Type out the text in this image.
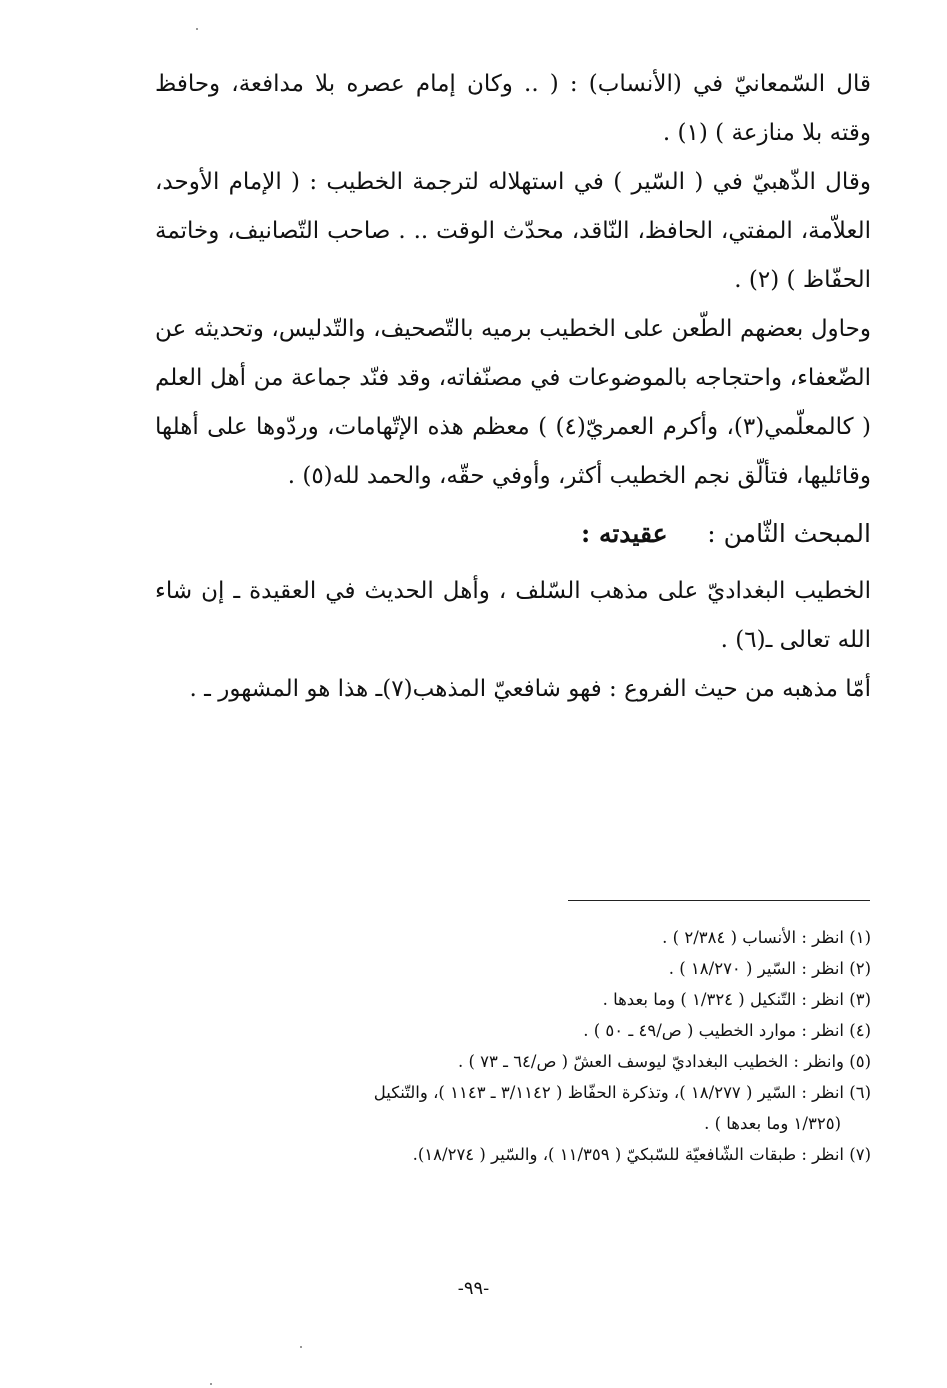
قال السّمعانيّ في (الأنساب) : ( .. وكان إمام عصره بلا مدافعة، وحافظ وقته بلا منازعة ) (١) .

وقال الذّهبيّ في ( السّير ) في استهلاله لترجمة الخطيب : ( الإمام الأوحد، العلاّمة، المفتي، الحافظ، النّاقد، محدّث الوقت .. . صاحب التّصانيف، وخاتمة الحفّاظ ) (٢) .

وحاول بعضهم الطّعن على الخطيب برميه بالتّصحيف، والتّدليس، وتحديثه عن الضّعفاء، واحتجاجه بالموضوعات في مصنّفاته، وقد فنّد جماعة من أهل العلم ( كالمعلّمي(٣)، وأكرم العمريّ(٤) ) معظم هذه الإتّهامات، وردّوها على أهلها وقائليها، فتألّق نجم الخطيب أكثر، وأوفي حقّه، والحمد لله(٥) .

المبحث الثّامن :     عقيدته :

الخطيب البغداديّ على مذهب السّلف ، وأهل الحديث في العقيدة ـ إن شاء الله تعالى ـ(٦) .

أمّا مذهبه من حيث الفروع : فهو شافعيّ المذهب(٧)ـ هذا هو المشهور ـ .

(١) انظر : الأنساب ( ٢/٣٨٤ ) .

(٢) انظر : السّير ( ١٨/٢٧٠ ) .

(٣) انظر : التّنكيل ( ١/٣٢٤ ) وما بعدها .

(٤) انظر : موارد الخطيب ( ص/٤٩ ـ ٥٠ ) .

(٥) وانظر : الخطيب البغداديّ ليوسف العشّ ( ص/٦٤ ـ ٧٣ ) .

(٦) انظر : السّير ( ١٨/٢٧٧ )، وتذكرة الحفّاظ ( ٣/١١٤٢ ـ ١١٤٣ )، والتّنكيل

(١/٣٢٥ وما بعدها ) .

(٧) انظر : طبقات الشّافعيّة للسّبكيّ ( ١١/٣٥٩ )، والسّير ( ١٨/٢٧٤).

-٩٩-
